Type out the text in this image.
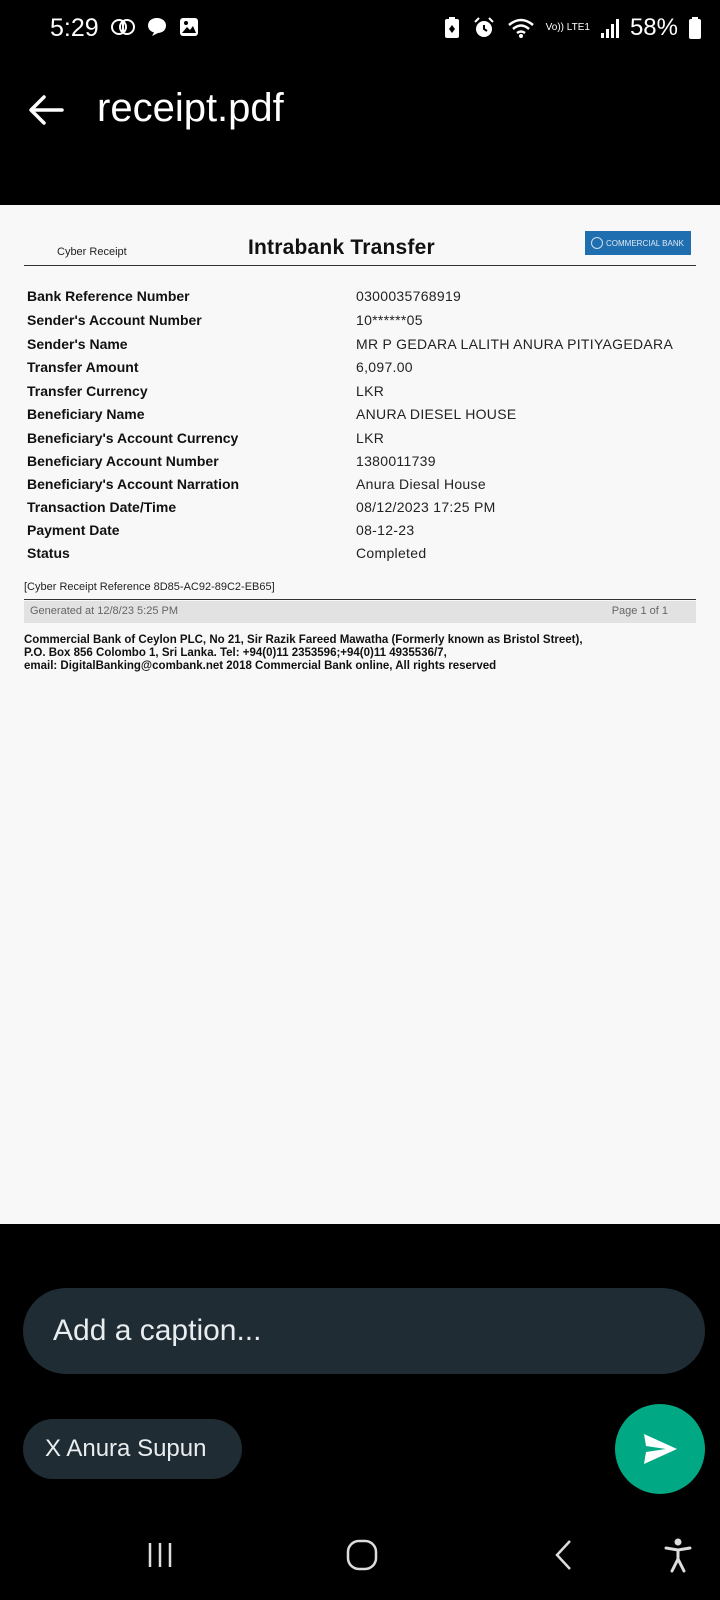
5:29	Vo)) LTE1 58%
receipt.pdf
Cyber Receipt	Intrabank Transfer	COMMERCIAL BANK
Bank Reference Number	0300035768919
Sender's Account Number	10******05
Sender's Name	MR P GEDARA LALITH ANURA PITIYAGEDARA
Transfer Amount	6,097.00
Transfer Currency	LKR
Beneficiary Name	ANURA DIESEL HOUSE
Beneficiary's Account Currency	LKR
Beneficiary Account Number	1380011739
Beneficiary's Account Narration	Anura Diesal House
Transaction Date/Time	08/12/2023 17:25 PM
Payment Date	08-12-23
Status	Completed
[Cyber Receipt Reference 8D85-AC92-89C2-EB65]
Generated at 12/8/23 5:25 PM	Page 1 of 1
Commercial Bank of Ceylon PLC, No 21, Sir Razik Fareed Mawatha (Formerly known as Bristol Street),
P.O. Box 856 Colombo 1, Sri Lanka. Tel: +94(0)11 2353596;+94(0)11 4935536/7,
email: DigitalBanking@combank.net 2018 Commercial Bank online, All rights reserved
Add a caption...
X Anura Supun
